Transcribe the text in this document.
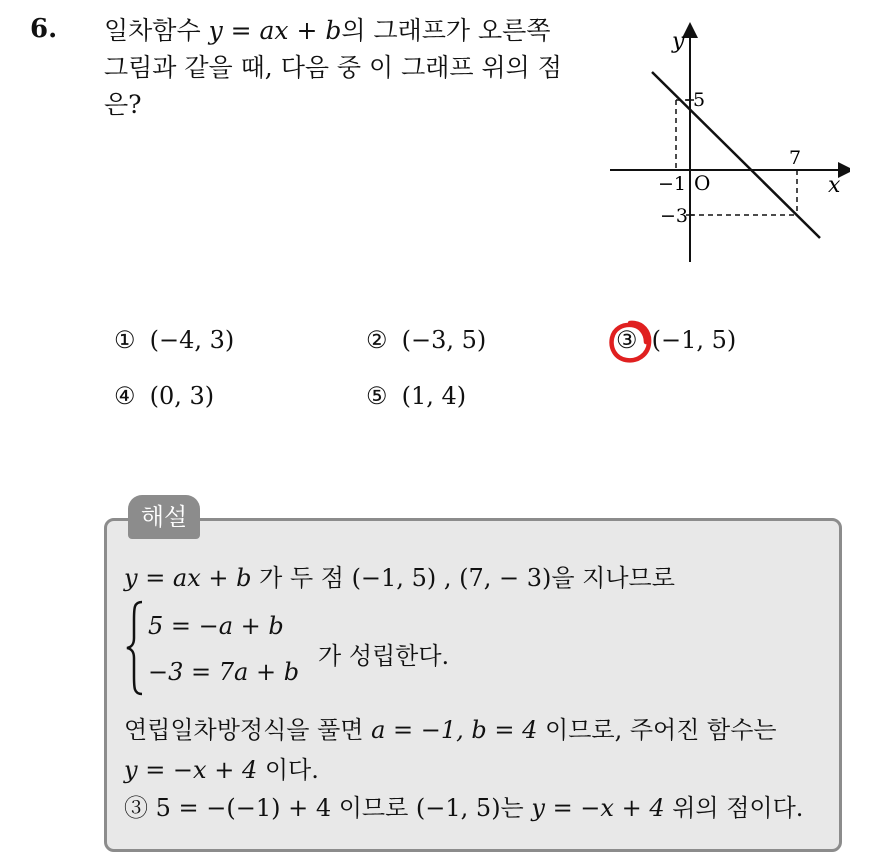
6. 일차함수 y = ax + b의 그래프가 오른쪽
그림과 같을 때, 다음 중 이 그래프 위의 점
은?
y
x
O
5
−1
7
−3
① (−4, 3)	② (−3, 5)	③ (−1, 5)
④ (0, 3)	⑤ (1, 4)
해설
y = ax + b 가 두 점 (−1, 5) , (7, − 3)을 지나므로
5 = −a + b
−3 = 7a + b
가 성립한다.
연립일차방정식을 풀면 a = −1, b = 4 이므로, 주어진 함수는
y = −x + 4 이다.
③ 5 = −(−1) + 4 이므로 (−1, 5)는 y = −x + 4 위의 점이다.
